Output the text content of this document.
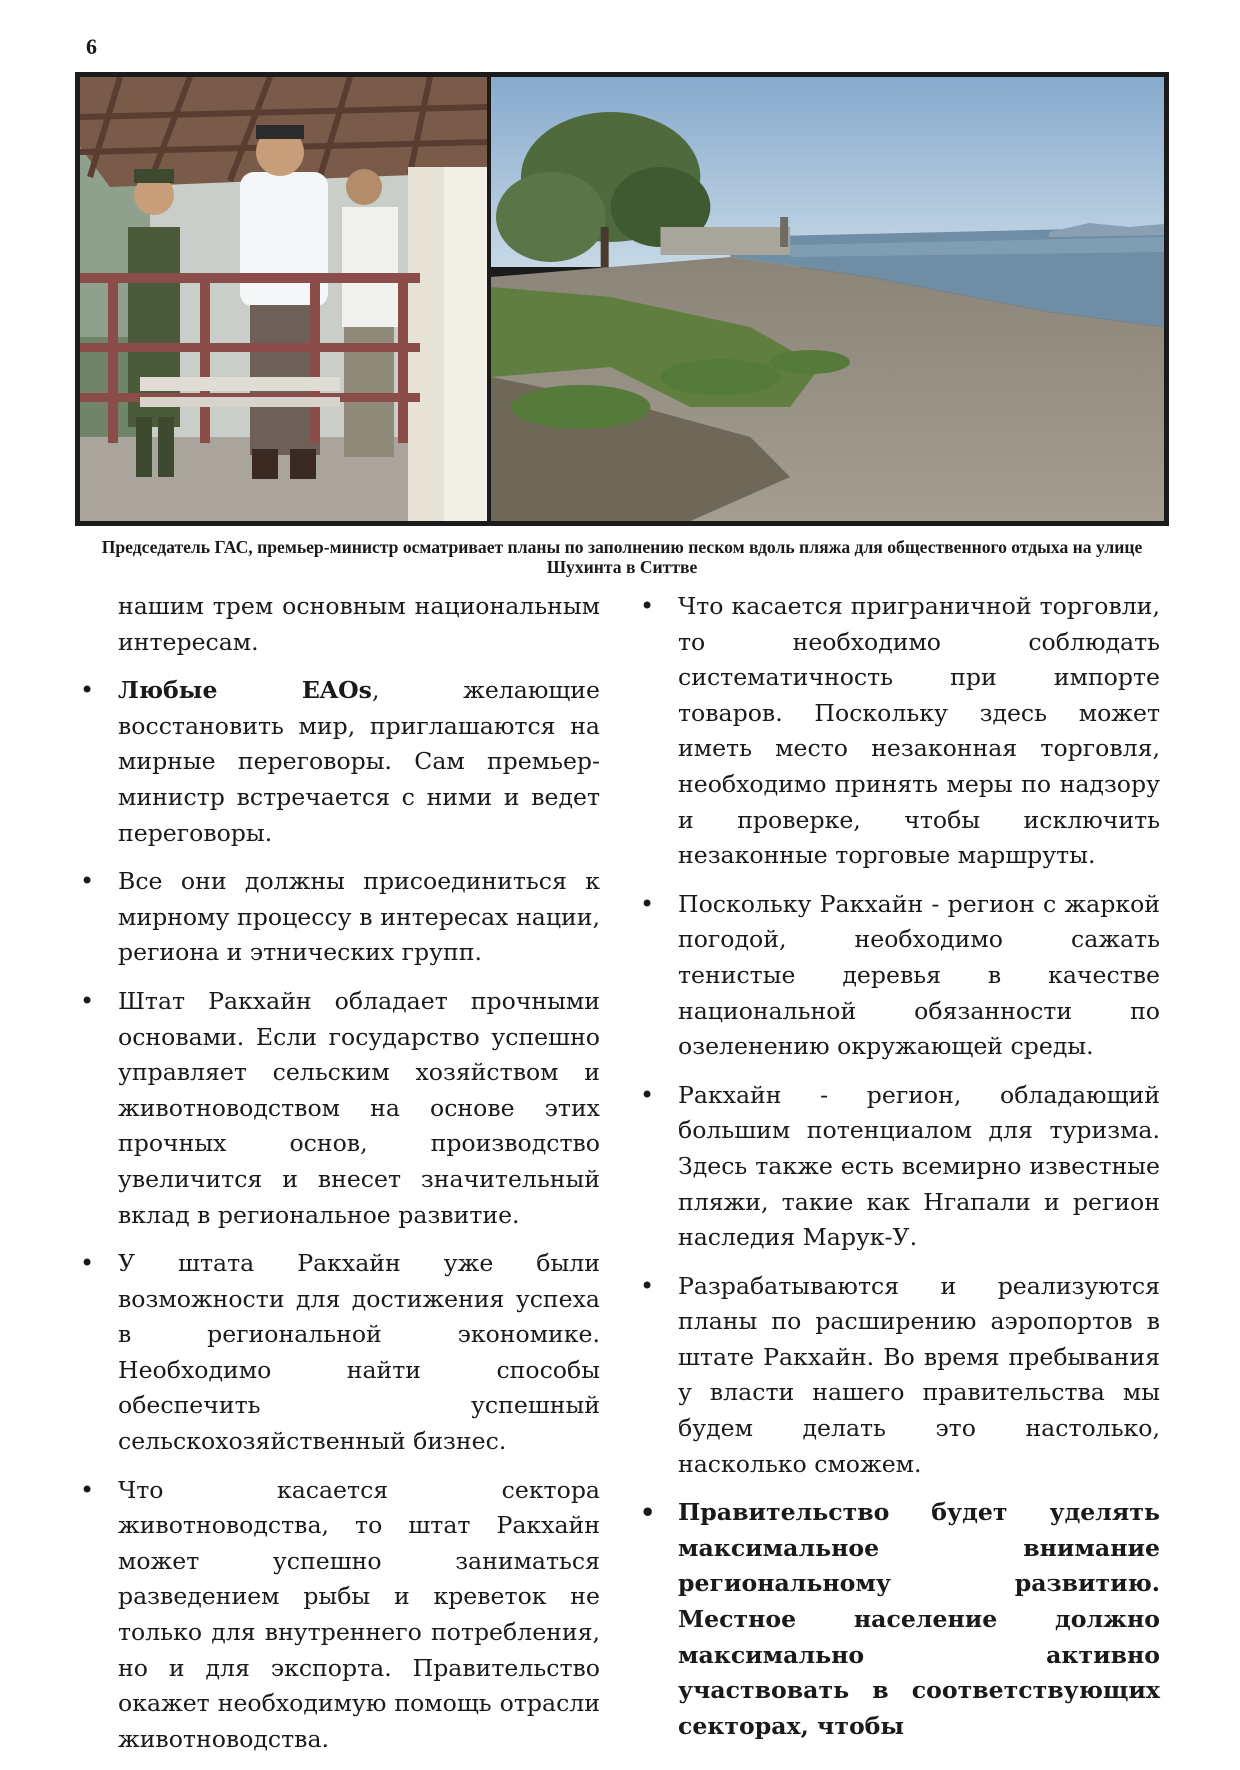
6
Председатель ГАС, премьер-министр осматривает планы по заполнению песком вдоль пляжа для общественного отдыха на улице Шухинта в Ситтве

нашим трем основным национальным интересам.

• Любые EAOs, желающие восстановить мир, приглашаются на мирные переговоры. Сам премьер-министр встречается с ними и ведет переговоры.

• Все они должны присоединиться к мирному процессу в интересах нации, региона и этнических групп.

• Штат Ракхайн обладает прочными основами. Если государство успешно управляет сельским хозяйством и животноводством на основе этих прочных основ, производство увеличится и внесет значительный вклад в региональное развитие.

• У штата Ракхайн уже были возможности для достижения успеха в региональной экономике. Необходимо найти способы обеспечить успешный сельскохозяйственный бизнес.

• Что касается сектора животноводства, то штат Ракхайн может успешно заниматься разведением рыбы и креветок не только для внутреннего потребления, но и для экспорта. Правительство окажет необходимую помощь отрасли животноводства.

• Что касается приграничной торговли, то необходимо соблюдать систематичность при импорте товаров. Поскольку здесь может иметь место незаконная торговля, необходимо принять меры по надзору и проверке, чтобы исключить незаконные торговые маршруты.

• Поскольку Ракхайн - регион с жаркой погодой, необходимо сажать тенистые деревья в качестве национальной обязанности по озеленению окружающей среды.

• Ракхайн - регион, обладающий большим потенциалом для туризма. Здесь также есть всемирно известные пляжи, такие как Нгапали и регион наследия Марук-У.

• Разрабатываются и реализуются планы по расширению аэропортов в штате Ракхайн. Во время пребывания у власти нашего правительства мы будем делать это настолько, насколько сможем.

• Правительство будет уделять максимальное внимание региональному развитию. Местное население должно максимально активно участвовать в соответствующих секторах, чтобы
